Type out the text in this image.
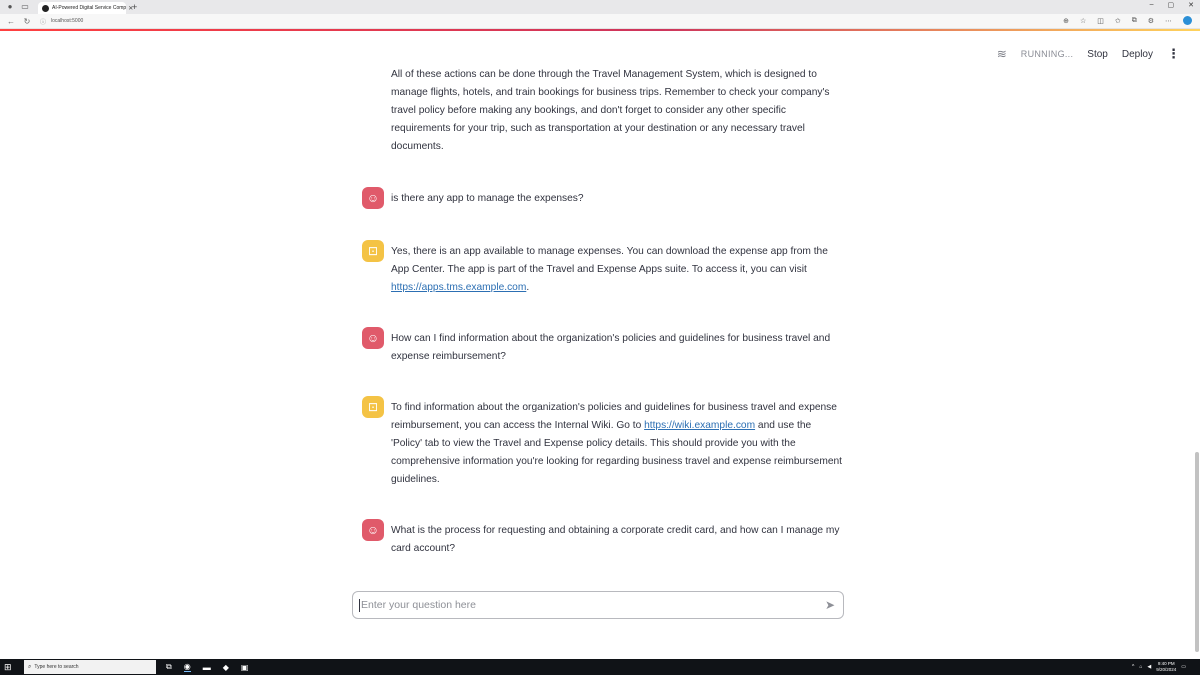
●	▭	AI-Powered Digital Service Comp ✕
+	– ▢ ✕
← ↻ ⓘ localhost:5000	⊕ ☆ ◫ ✩ ⧉ ⚙ ⋯
≋ RUNNING... Stop Deploy ⋮
All of these actions can be done through the Travel Management System, which is designed to manage flights, hotels, and train bookings for business trips. Remember to check your company's travel policy before making any bookings, and don't forget to consider any other specific requirements for your trip, such as transportation at your destination or any necessary travel documents.
☺	is there any app to manage the expenses?
⊡	Yes, there is an app available to manage expenses. You can download the expense app from the App Center. The app is part of the Travel and Expense Apps suite. To access it, you can visit https://apps.tms.example.com.
☺	How can I find information about the organization's policies and guidelines for business travel and expense reimbursement?
⊡	To find information about the organization's policies and guidelines for business travel and expense reimbursement, you can access the Internal Wiki. Go to https://wiki.example.com and use the 'Policy' tab to view the Travel and Expense policy details. This should provide you with the comprehensive information you're looking for regarding business travel and expense reimbursement guidelines.
☺	What is the process for requesting and obtaining a corporate credit card, and how can I manage my card account?
Enter your question here
➤
⊞	⌕ Type here to search	⧉ ◉ ▬ ◆ ▣	^ ⌂ ◀
9:40 PM
9/20/2024 ▭
